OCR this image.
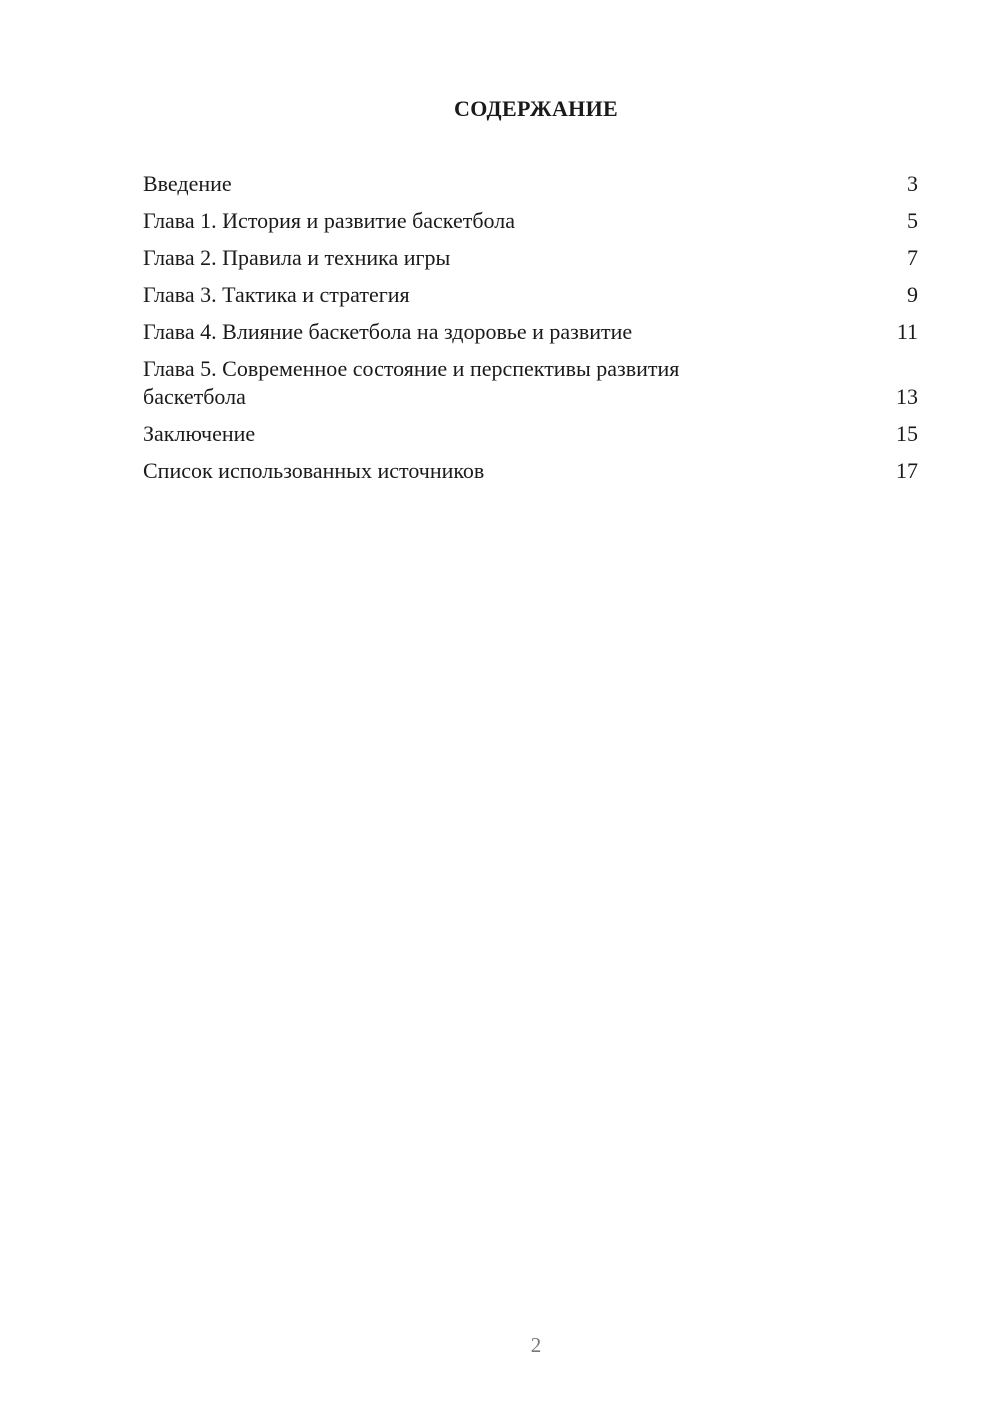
СОДЕРЖАНИЕ
Введение	3
Глава 1. История и развитие баскетбола	5
Глава 2. Правила и техника игры	7
Глава 3. Тактика и стратегия	9
Глава 4. Влияние баскетбола на здоровье и развитие	11
Глава 5. Современное состояние и перспективы развития баскетбола	13
Заключение	15
Список использованных источников	17
2
